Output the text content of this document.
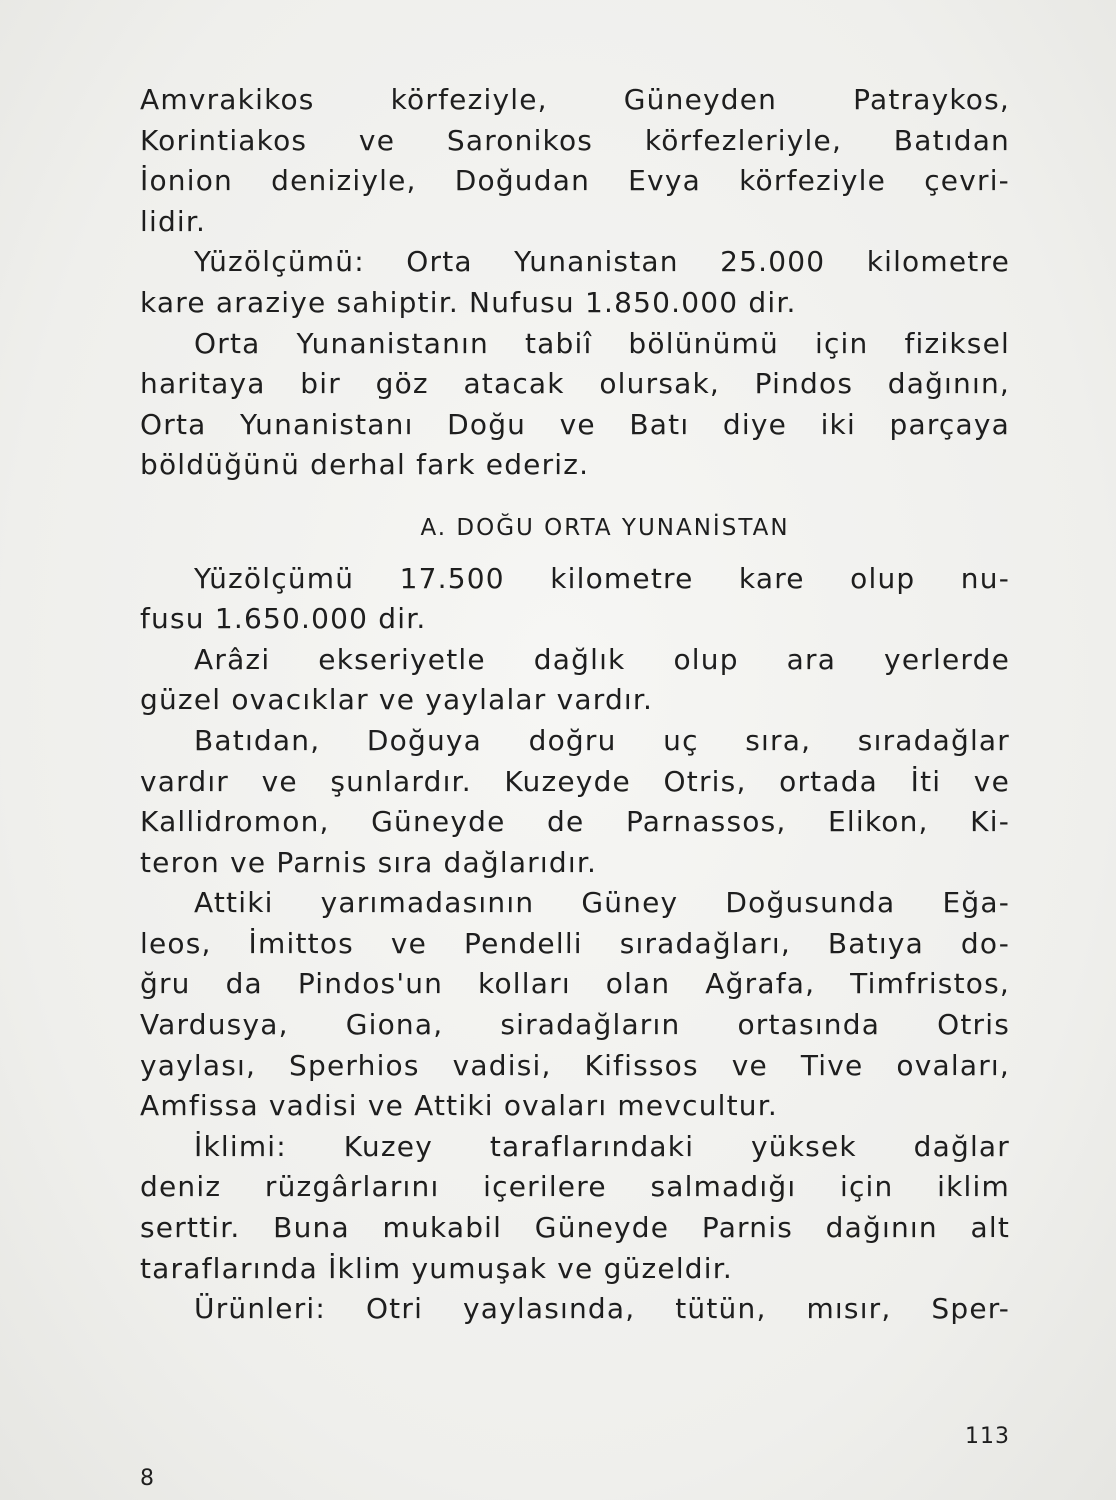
Amvrakikos körfeziyle, Güneyden Patraykos,
Korintiakos ve Saronikos körfezleriyle, Batıdan
İonion deniziyle, Doğudan Evya körfeziyle çevri-
lidir.
Yüzölçümü: Orta Yunanistan 25.000 kilometre
kare araziye sahiptir. Nufusu 1.850.000 dir.
Orta Yunanistanın tabiî bölünümü için fiziksel
haritaya bir göz atacak olursak, Pindos dağının,
Orta Yunanistanı Doğu ve Batı diye iki parçaya
böldüğünü derhal fark ederiz.
A. DOĞU ORTA YUNANİSTAN
Yüzölçümü 17.500 kilometre kare olup nu-
fusu 1.650.000 dir.
Arâzi ekseriyetle dağlık olup ara yerlerde
güzel ovacıklar ve yaylalar vardır.
Batıdan, Doğuya doğru uç sıra, sıradağlar
vardır ve şunlardır. Kuzeyde Otris, ortada İti ve
Kallidromon, Güneyde de Parnassos, Elikon, Ki-
teron ve Parnis sıra dağlarıdır.
Attiki yarımadasının Güney Doğusunda Eğa-
leos, İmittos ve Pendelli sıradağları, Batıya do-
ğru da Pindos'un kolları olan Ağrafa, Timfristos,
Vardusya, Giona, siradağların ortasında Otris
yaylası, Sperhios vadisi, Kifissos ve Tive ovaları,
Amfissa vadisi ve Attiki ovaları mevcultur.
İklimi: Kuzey taraflarındaki yüksek dağlar
deniz rüzgârlarını içerilere salmadığı için iklim
serttir. Buna mukabil Güneyde Parnis dağının alt
taraflarında İklim yumuşak ve güzeldir.
Ürünleri: Otri yaylasında, tütün, mısır, Sper-
113
8
